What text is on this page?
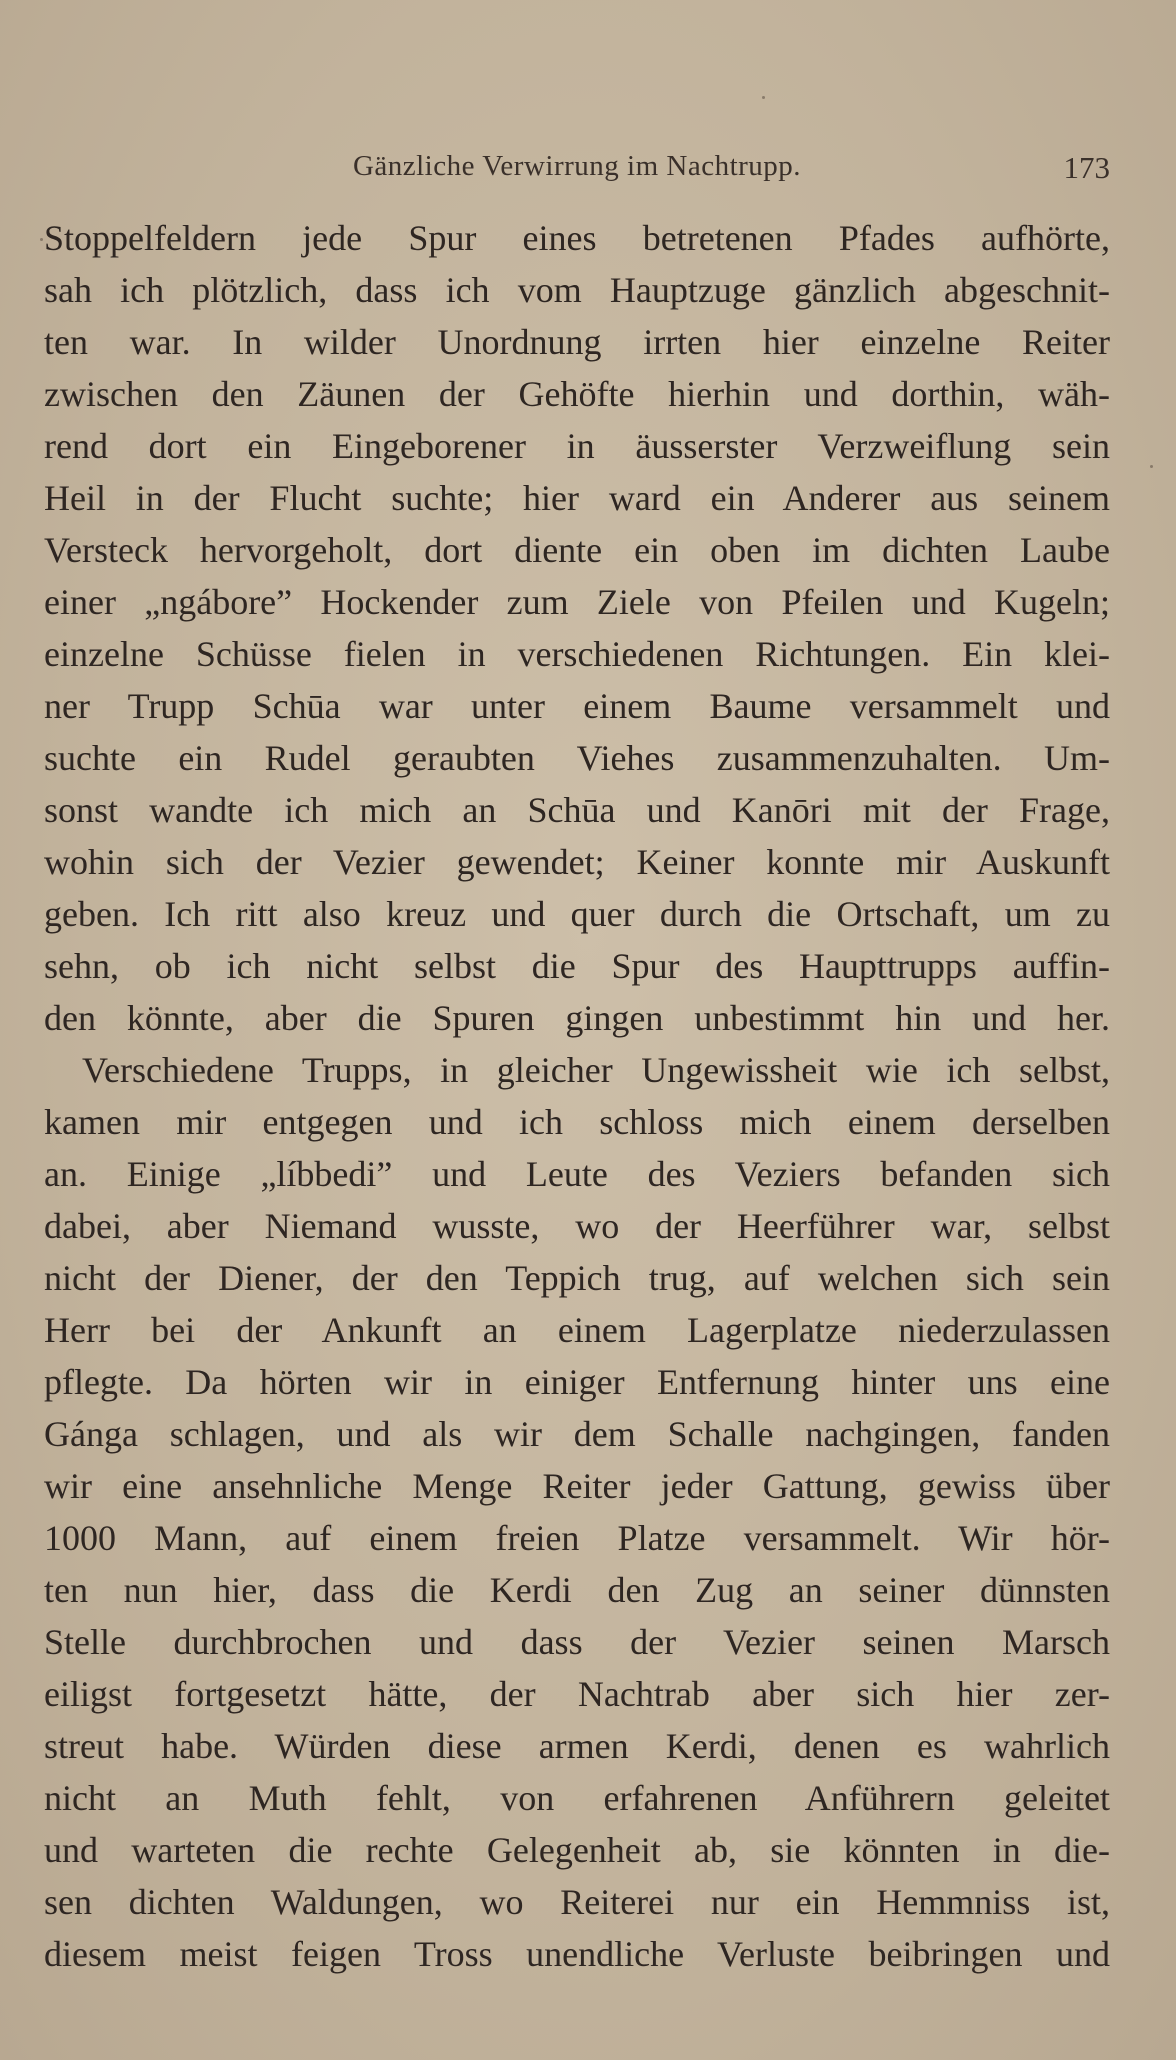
Gänzliche Verwirrung im Nachtrupp.	173
Stoppelfeldern jede Spur eines betretenen Pfades aufhörte,
sah ich plötzlich, dass ich vom Hauptzuge gänzlich abgeschnit-
ten war. In wilder Unordnung irrten hier einzelne Reiter
zwischen den Zäunen der Gehöfte hierhin und dorthin, wäh-
rend dort ein Eingeborener in äusserster Verzweiflung sein
Heil in der Flucht suchte; hier ward ein Anderer aus seinem
Versteck hervorgeholt, dort diente ein oben im dichten Laube
einer „ngábore” Hockender zum Ziele von Pfeilen und Kugeln;
einzelne Schüsse fielen in verschiedenen Richtungen. Ein klei-
ner Trupp Schūa war unter einem Baume versammelt und
suchte ein Rudel geraubten Viehes zusammenzuhalten. Um-
sonst wandte ich mich an Schūa und Kanōri mit der Frage,
wohin sich der Vezier gewendet; Keiner konnte mir Auskunft
geben. Ich ritt also kreuz und quer durch die Ortschaft, um zu
sehn, ob ich nicht selbst die Spur des Haupttrupps auffin-
den könnte, aber die Spuren gingen unbestimmt hin und her.
Verschiedene Trupps, in gleicher Ungewissheit wie ich selbst,
kamen mir entgegen und ich schloss mich einem derselben
an. Einige „líbbedi” und Leute des Veziers befanden sich
dabei, aber Niemand wusste, wo der Heerführer war, selbst
nicht der Diener, der den Teppich trug, auf welchen sich sein
Herr bei der Ankunft an einem Lagerplatze niederzulassen
pflegte. Da hörten wir in einiger Entfernung hinter uns eine
Gánga schlagen, und als wir dem Schalle nachgingen, fanden
wir eine ansehnliche Menge Reiter jeder Gattung, gewiss über
1000 Mann, auf einem freien Platze versammelt. Wir hör-
ten nun hier, dass die Kerdi den Zug an seiner dünnsten
Stelle durchbrochen und dass der Vezier seinen Marsch
eiligst fortgesetzt hätte, der Nachtrab aber sich hier zer-
streut habe. Würden diese armen Kerdi, denen es wahrlich
nicht an Muth fehlt, von erfahrenen Anführern geleitet
und warteten die rechte Gelegenheit ab, sie könnten in die-
sen dichten Waldungen, wo Reiterei nur ein Hemmniss ist,
diesem meist feigen Tross unendliche Verluste beibringen und
